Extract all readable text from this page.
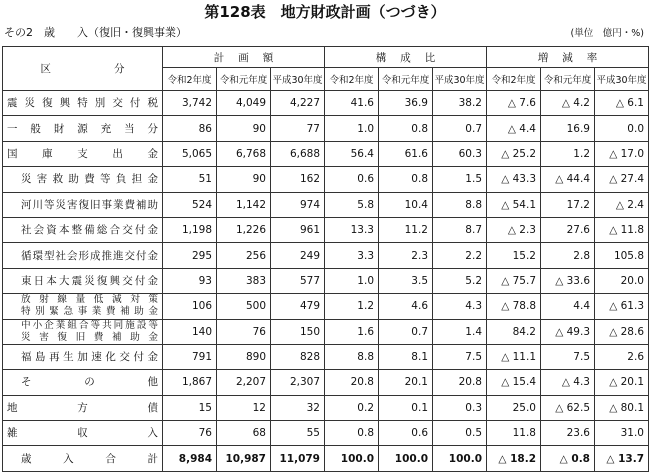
第128表　地方財政計画（つづき）
その2　歳　　入（復旧・復興事業）	(単位　億円・%)
区　　分	計画額			構成比			増減率		
	令和2年度	令和元年度	平成30年度	令和2年度	令和元年度	平成30年度	令和2年度	令和元年度	平成30年度

震災復興特別交付税	3,742	4,049	4,227	41.6	36.9	38.2	△ 7.6	△ 4.2	△ 6.1

一般財源充当分	86	90	77	1.0	0.8	0.7	△ 4.4	16.9	0.0

国庫支出金	5,065	6,768	6,688	56.4	61.6	60.3	△ 25.2	1.2	△ 17.0

災害救助費等負担金	51	90	162	0.6	0.8	1.5	△ 43.3	△ 44.4	△ 27.4

河川等災害復旧事業費補助	524	1,142	974	5.8	10.4	8.8	△ 54.1	17.2	△ 2.4

社会資本整備総合交付金	1,198	1,226	961	13.3	11.2	8.7	△ 2.3	27.6	△ 11.8

循環型社会形成推進交付金	295	256	249	3.3	2.3	2.2	15.2	2.8	105.8

東日本大震災復興交付金	93	383	577	1.0	3.5	5.2	△ 75.7	△ 33.6	20.0

放射線量低減対策
特別緊急事業費補助金	106	500	479	1.2	4.6	4.3	△ 78.8	4.4	△ 61.3

中小企業組合等共同施設等
災害復旧費補助金	140	76	150	1.6	0.7	1.4	84.2	△ 49.3	△ 28.6

福島再生加速化交付金	791	890	828	8.8	8.1	7.5	△ 11.1	7.5	2.6

そ　　　の　　　他	1,867	2,207	2,307	20.8	20.1	20.8	△ 15.4	△ 4.3	△ 20.1

地　　　方　　　債	15	12	32	0.2	0.1	0.3	25.0	△ 62.5	△ 80.1

雑　　　収　　　入	76	68	55	0.8	0.6	0.5	11.8	23.6	31.0

歳　入　合　計	8,984	10,987	11,079	100.0	100.0	100.0	△ 18.2	△ 0.8	△ 13.7
